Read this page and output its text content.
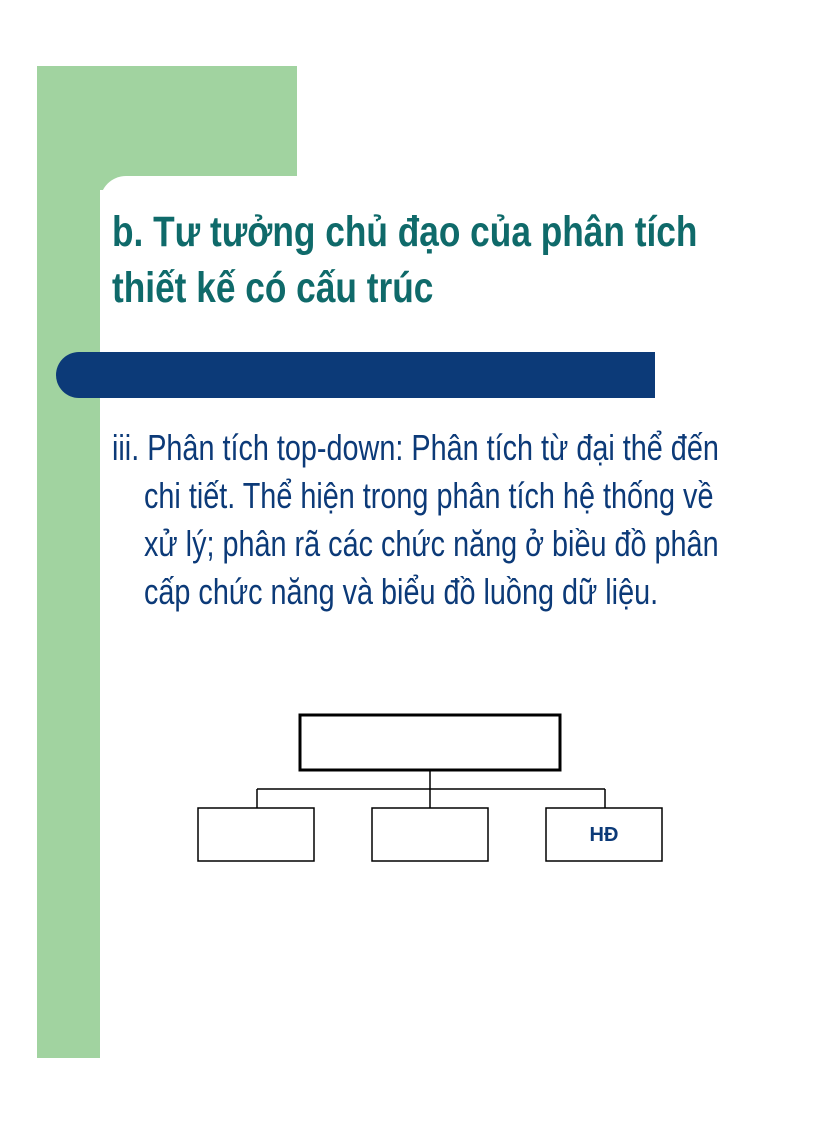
b. Tư tưởng chủ đạo của phân tích
thiết kế có cấu trúc

iii. Phân tích top-down: Phân tích từ đại thể đến
chi tiết. Thể hiện trong phân tích hệ thống về
xử lý; phân rã các chức năng ở biều đồ phân
cấp chức năng và biểu đồ luồng dữ liệu.

HĐ
